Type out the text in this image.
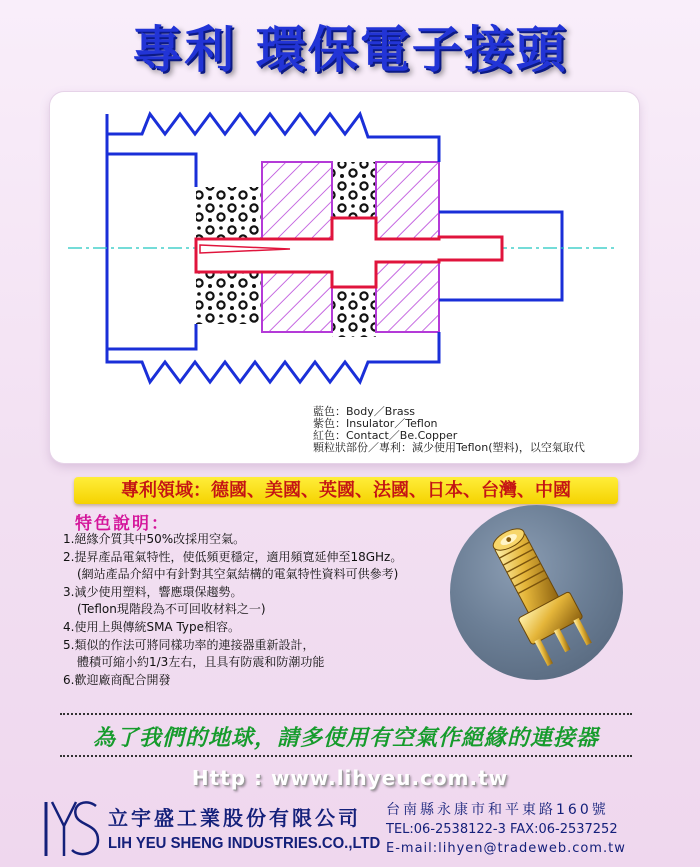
專利 環保電子接頭
藍色：Body／Brass
紫色：Insulator／Teflon
紅色：Contact／Be.Copper
顆粒狀部份／專利：減少使用Teflon(塑料)，以空氣取代
專利領域：德國、美國、英國、法國、日本、台灣、中國
特色說明：
1.絕緣介質其中50%改採用空氣。
2.提昇產品電氣特性，使低頻更穩定，適用頻寬延伸至18GHz。
(網站產品介紹中有針對其空氣結構的電氣特性資料可供參考)
3.減少使用塑料，響應環保趨勢。
(Teflon現階段為不可回收材料之一)
4.使用上與傳統SMA Type相容。
5.類似的作法可將同樣功率的連接器重新設計，
體積可縮小約1/3左右，且具有防震和防潮功能
6.歡迎廠商配合開發
為了我們的地球，請多使用有空氣作絕緣的連接器
Http : www.lihyeu.com.tw
立宇盛工業股份有限公司
LIH YEU SHENG INDUSTRIES.CO.,LTD
台南縣永康市和平東路160號
TEL:06-2538122-3 FAX:06-2537252
E-mail:lihyen@tradeweb.com.tw
